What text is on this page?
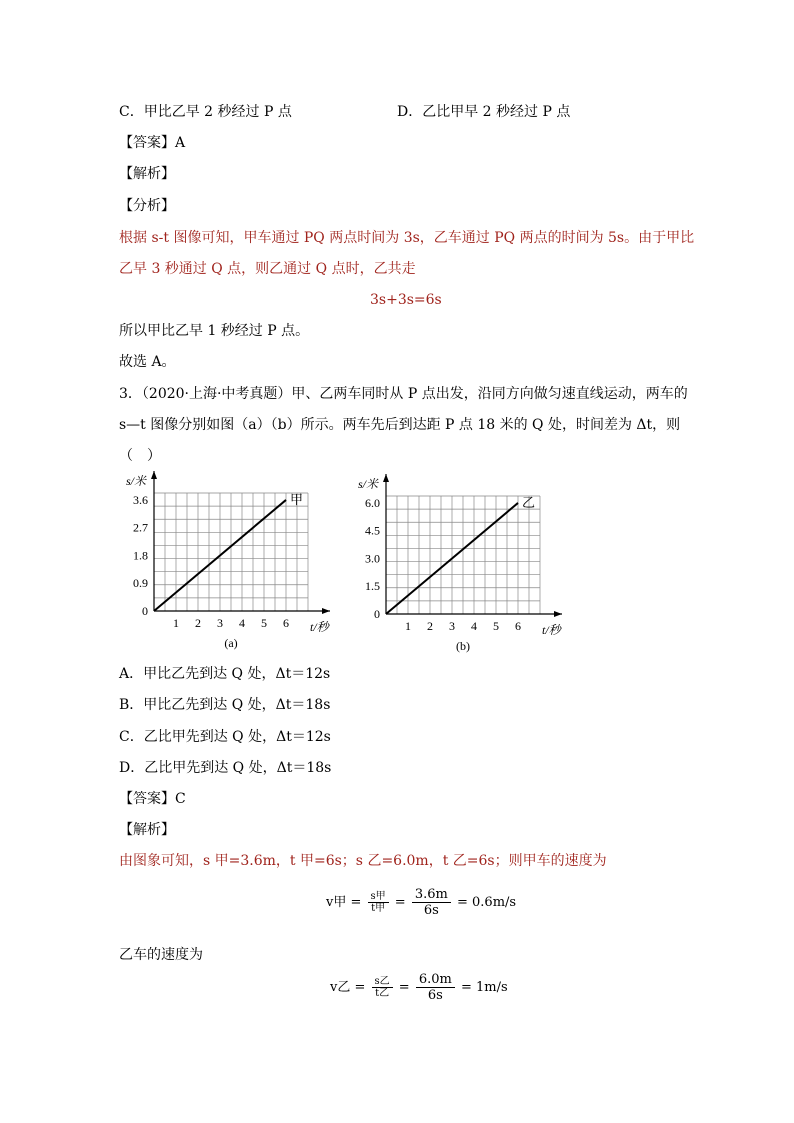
C．甲比乙早 2 秒经过 P 点	D．乙比甲早 2 秒经过 P 点
【答案】A
【解析】
【分析】
根据 s-t 图像可知，甲车通过 PQ 两点时间为 3s，乙车通过 PQ 两点的时间为 5s。由于甲比
乙早 3 秒通过 Q 点，则乙通过 Q 点时，乙共走
3s+3s=6s
所以甲比乙早 1 秒经过 P 点。
故选 A。
3．（2020·上海·中考真题）甲、乙两车同时从 P 点出发，沿同方向做匀速直线运动，两车的
s—t 图像分别如图（a）（b）所示。两车先后到达距 P 点 18 米的 Q 处，时间差为 Δt，则
（　）
1 2 3 4 5 6
0
0.9
1.8
2.7
3.6
t/秒
s/米
甲
(a)
1 2 3 4 5 6
0
1.5
3.0
4.5
6.0
t/秒
s/米
乙
(b)
A．甲比乙先到达 Q 处，Δt＝12s
B．甲比乙先到达 Q 处，Δt＝18s
C．乙比甲先到达 Q 处，Δt＝12s
D．乙比甲先到达 Q 处，Δt＝18s
【答案】C
【解析】
由图象可知，s 甲=3.6m，t 甲=6s；s 乙=6.0m，t 乙=6s；则甲车的速度为
v甲 = $\frac{\text{s甲}}{\text{t甲}} = \frac{3.6m}{6s} = 0.6m/s$
乙车的速度为
v乙 = $\frac{\text{s乙}}{\text{t乙}} = \frac{6.0m}{6s} = 1m/s$
